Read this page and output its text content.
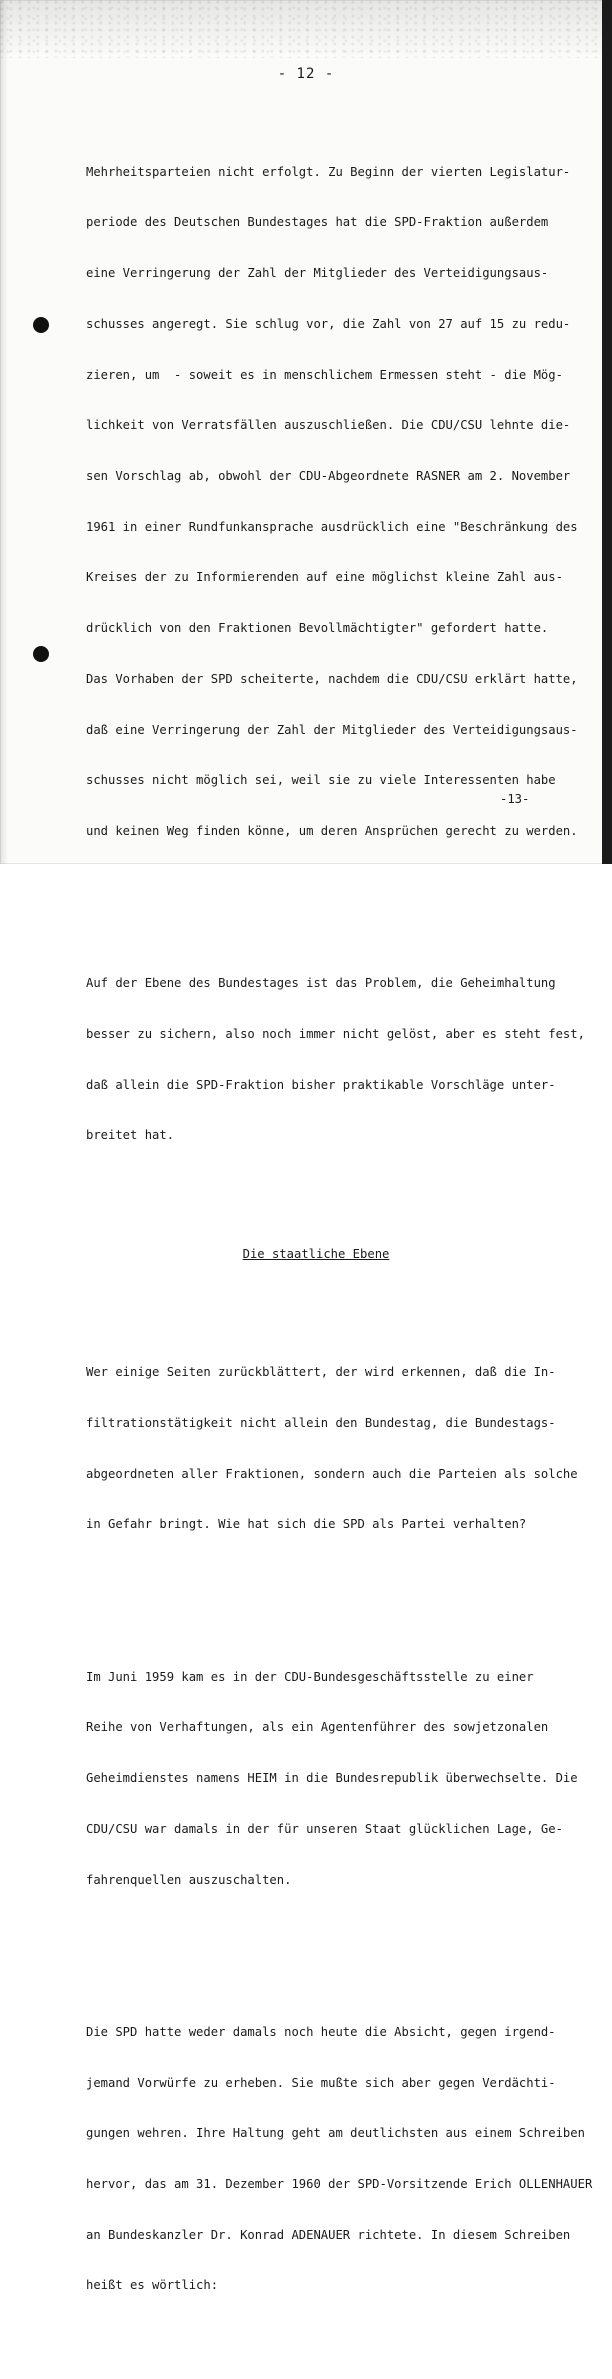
- 12 -

Mehrheitsparteien nicht erfolgt. Zu Beginn der vierten Legislatur-

periode des Deutschen Bundestages hat die SPD-Fraktion außerdem

eine Verringerung der Zahl der Mitglieder des Verteidigungsaus-

schusses angeregt. Sie schlug vor, die Zahl von 27 auf 15 zu redu-

zieren, um  - soweit es in menschlichem Ermessen steht - die Mög-

lichkeit von Verratsfällen auszuschließen. Die CDU/CSU lehnte die-

sen Vorschlag ab, obwohl der CDU-Abgeordnete RASNER am 2. November

1961 in einer Rundfunkansprache ausdrücklich eine "Beschränkung des

Kreises der zu Informierenden auf eine möglichst kleine Zahl aus-

drücklich von den Fraktionen Bevollmächtigter" gefordert hatte.

Das Vorhaben der SPD scheiterte, nachdem die CDU/CSU erklärt hatte,

daß eine Verringerung der Zahl der Mitglieder des Verteidigungsaus-

schusses nicht möglich sei, weil sie zu viele Interessenten habe

und keinen Weg finden könne, um deren Ansprüchen gerecht zu werden.

Auf der Ebene des Bundestages ist das Problem, die Geheimhaltung

besser zu sichern, also noch immer nicht gelöst, aber es steht fest,

daß allein die SPD-Fraktion bisher praktikable Vorschläge unter-

breitet hat.

Die staatliche Ebene

Wer einige Seiten zurückblättert, der wird erkennen, daß die In-

filtrationstätigkeit nicht allein den Bundestag, die Bundestags-

abgeordneten aller Fraktionen, sondern auch die Parteien als solche

in Gefahr bringt. Wie hat sich die SPD als Partei verhalten?

Im Juni 1959 kam es in der CDU-Bundesgeschäftsstelle zu einer

Reihe von Verhaftungen, als ein Agentenführer des sowjetzonalen

Geheimdienstes namens HEIM in die Bundesrepublik überwechselte. Die

CDU/CSU war damals in der für unseren Staat glücklichen Lage, Ge-

fahrenquellen auszuschalten.

Die SPD hatte weder damals noch heute die Absicht, gegen irgend-

jemand Vorwürfe zu erheben. Sie mußte sich aber gegen Verdächti-

gungen wehren. Ihre Haltung geht am deutlichsten aus einem Schreiben

hervor, das am 31. Dezember 1960 der SPD-Vorsitzende Erich OLLENHAUER

an Bundeskanzler Dr. Konrad ADENAUER richtete. In diesem Schreiben

heißt es wörtlich:

-13-
